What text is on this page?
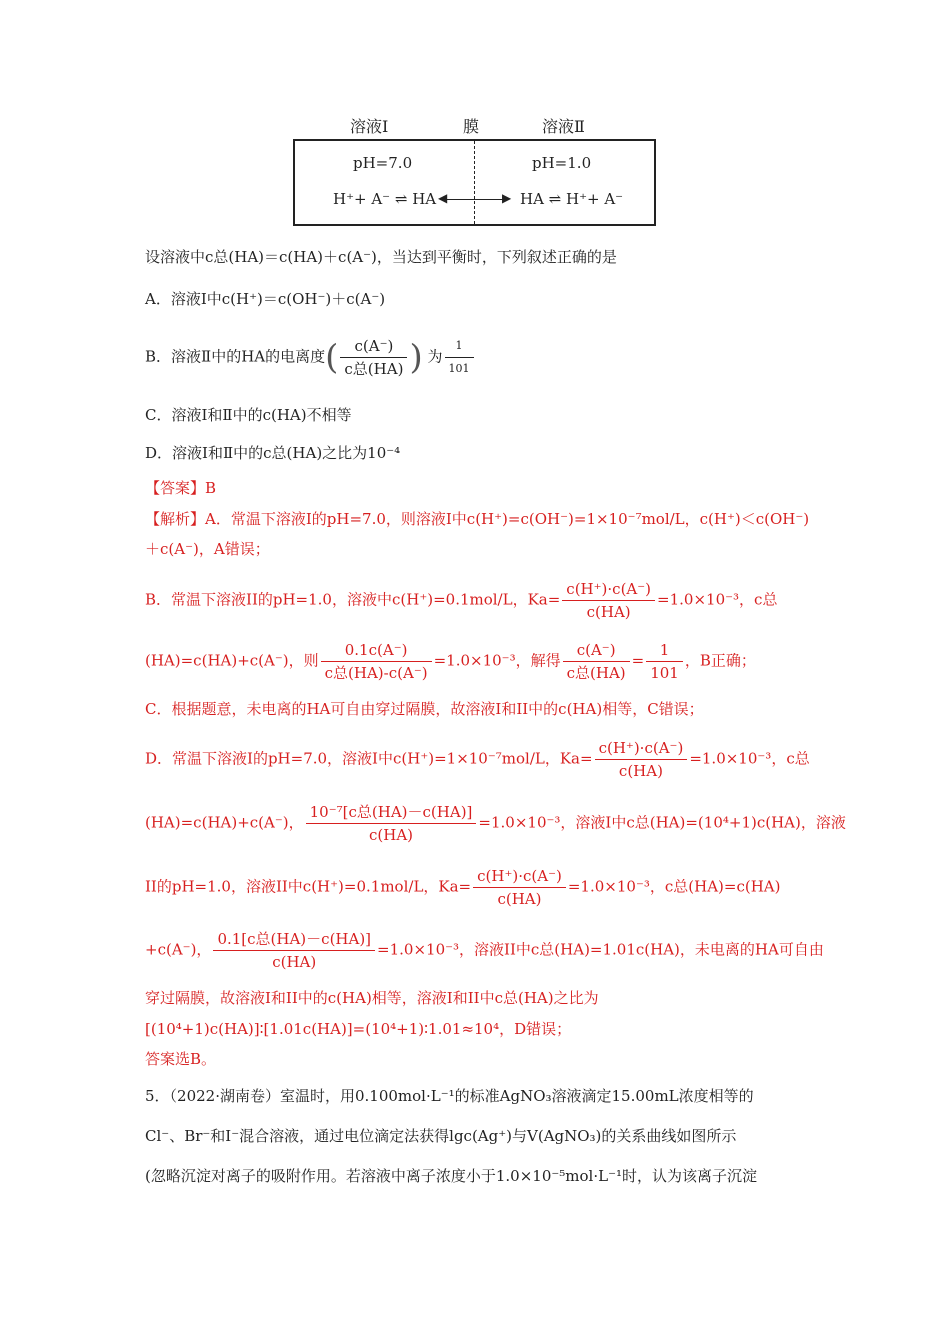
溶液Ⅰ	膜	溶液Ⅱ
pH=7.0	pH=1.0
H⁺+ A⁻ ⇌ HA ◀	▶ HA ⇌ H⁺+ A⁻
设溶液中c总(HA)＝c(HA)＋c(A⁻)，当达到平衡时，下列叙述正确的是
A．溶液Ⅰ中c(H⁺)＝c(OH⁻)＋c(A⁻)
B．溶液Ⅱ中的HA的电离度( $\frac{c(A^-)}{\text{c总(HA)}}$ ) 为 $\frac{1}{101}$
C．溶液Ⅰ和Ⅱ中的c(HA)不相等
D．溶液Ⅰ和Ⅱ中的c总(HA)之比为10⁻⁴
【答案】B
【解析】A．常温下溶液I的pH=7.0，则溶液I中c(H⁺)=c(OH⁻)=1×10⁻⁷mol/L，c(H⁺)＜c(OH⁻)
＋c(A⁻)，A错误；
B．常温下溶液II的pH=1.0，溶液中c(H⁺)=0.1mol/L，$Ka= \frac{c(H^+)\cdot c(A^-)}{c(HA)} =1.0\times 10^{-3}$，c总
(HA)=c(HA)+c(A⁻)，则 $\frac{0.1c(A^-)}{\text{c总(HA)-c(A⁻)}} =1.0\times 10^{-3}$，解得 $\frac{c(A^-)}{\text{c总(HA)}} = \frac{1}{101}$ ，B正确；
C．根据题意，未电离的HA可自由穿过隔膜，故溶液I和II中的c(HA)相等，C错误；
D．常温下溶液I的pH=7.0，溶液I中c(H⁺)=1×10⁻⁷mol/L，$Ka= \frac{c(H^+)\cdot c(A^-)}{c(HA)} =1.0\times 10^{-3}$，c总
(HA)=c(HA)+c(A⁻)， $\frac{\text{10⁻⁷[c总(HA)－c(HA)]}}{c(HA)} =1.0\times 10^{-3}$，溶液I中c总(HA)=(10⁴+1)c(HA)，溶液
II的pH=1.0，溶液II中c(H⁺)=0.1mol/L，$Ka= \frac{c(H^+)\cdot c(A^-)}{c(HA)} =1.0\times 10^{-3}$，c总(HA)=c(HA)
+c(A⁻)， $\frac{\text{0.1[c总(HA)－c(HA)]}}{c(HA)} =1.0\times 10^{-3}$，溶液II中c总(HA)=1.01c(HA)，未电离的HA可自由
穿过隔膜，故溶液I和II中的c(HA)相等，溶液I和II中c总(HA)之比为
[(10⁴+1)c(HA)]∶[1.01c(HA)]=(10⁴+1)∶1.01≈10⁴，D错误；
答案选B。
5．（2022·湖南卷）室温时，用0.100mol·L⁻¹的标准AgNO₃溶液滴定15.00mL浓度相等的
Cl⁻、Br⁻和I⁻混合溶液，通过电位滴定法获得lgc(Ag⁺)与V(AgNO₃)的关系曲线如图所示
(忽略沉淀对离子的吸附作用。若溶液中离子浓度小于1.0×10⁻⁵mol·L⁻¹时，认为该离子沉淀
